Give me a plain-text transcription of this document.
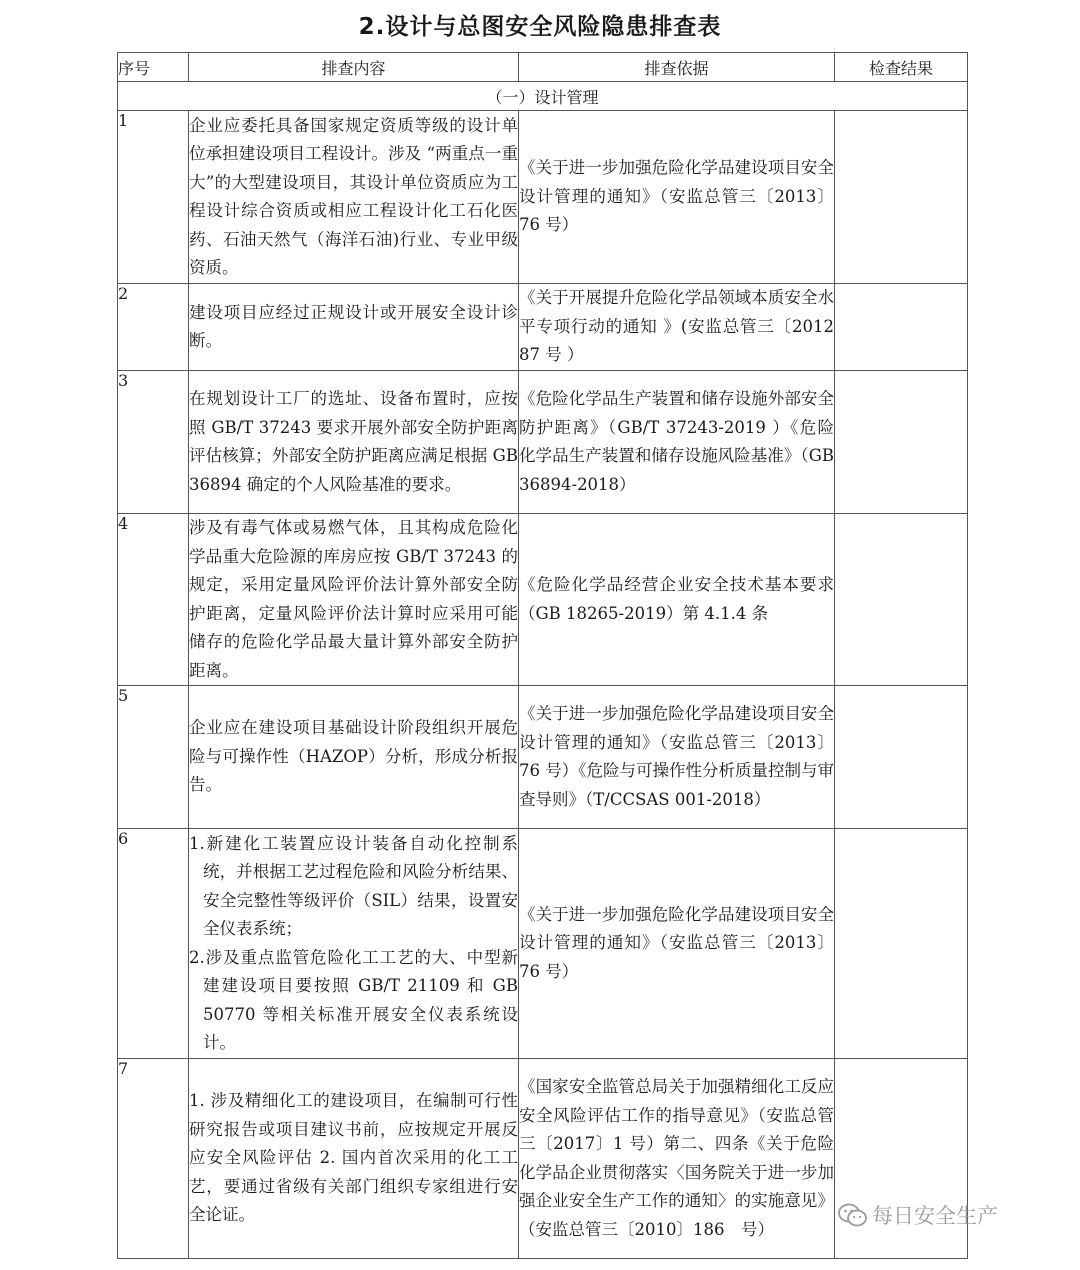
2.设计与总图安全风险隐患排查表
序号	排查内容	排查依据	检查结果
（一）设计管理			
1	企业应委托具备国家规定资质等级的设计单位承担建设项目工程设计。涉及 “两重点一重大”的大型建设项目，其设计单位资质应为工程设计综合资质或相应工程设计化工石化医药、石油天然气（海洋石油)行业、专业甲级资质。	《关于进一步加强危险化学品建设项目安全设计管理的通知》（安监总管三〔2013〕76 号）	
2	建设项目应经过正规设计或开展安全设计诊断。	《关于开展提升危险化学品领域本质安全水平专项行动的通知 》(安监总管三〔2012 87 号 ）	
3	在规划设计工厂的选址、设备布置时，应按照 GB/T 37243 要求开展外部安全防护距离评估核算；外部安全防护距离应满足根据 GB 36894 确定的个人风险基准的要求。	《危险化学品生产装置和储存设施外部安全防护距离》（GB/T 37243-2019 ）《危险化学品生产装置和储存设施风险基准》（GB 36894-2018）	
4	涉及有毒气体或易燃气体，且其构成危险化学品重大危险源的库房应按 GB/T 37243 的规定，采用定量风险评价法计算外部安全防护距离，定量风险评价法计算时应采用可能储存的危险化学品最大量计算外部安全防护距离。	《危险化学品经营企业安全技术基本要求（GB 18265-2019）第 4.1.4 条	
5	企业应在建设项目基础设计阶段组织开展危险与可操作性（HAZOP）分析，形成分析报告。	《关于进一步加强危险化学品建设项目安全设计管理的通知》（安监总管三〔2013〕76 号）《危险与可操作性分析质量控制与审查导则》（T/CCSAS 001-2018）	
6	1.新建化工装置应设计装备自动化控制系统，并根据工艺过程危险和风险分析结果、安全完整性等级评价（SIL）结果，设置安全仪表系统；
2.涉及重点监管危险化工工艺的大、中型新建建设项目要按照 GB/T 21109 和 GB 50770 等相关标准开展安全仪表系统设计。	《关于进一步加强危险化学品建设项目安全设计管理的通知》（安监总管三〔2013〕76 号）	
7	1. 涉及精细化工的建设项目，在编制可行性研究报告或项目建议书前，应按规定开展反应安全风险评估 2. 国内首次采用的化工工艺，要通过省级有关部门组织专家组进行安全论证。	《国家安全监管总局关于加强精细化工反应安全风险评估工作的指导意见》（安监总管三〔2017〕1 号）第二、四条《关于危险化学品企业贯彻落实〈国务院关于进一步加强企业安全生产工作的通知〉的实施意见》（安监总管三〔2010〕186　号）	
每日安全生产
